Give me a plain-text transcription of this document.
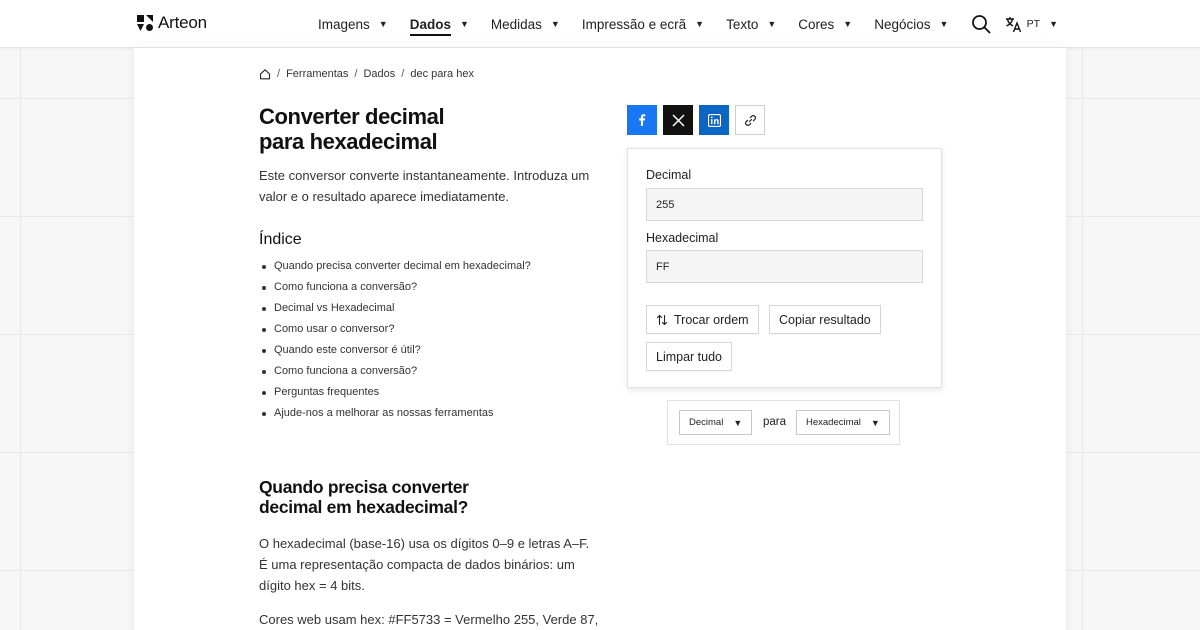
Arteon	Imagens ▼ Dados ▼ Medidas ▼ Impressão e ecrã ▼ Texto ▼ Cores ▼ Negócios ▼	PT ▼
/ Ferramentas / Dados / dec para hex
Converter decimal
para hexadecimal

Este conversor converte instantaneamente. Introduza um valor e o resultado aparece imediatamente.

Índice
Quando precisa converter decimal em hexadecimal?
Como funciona a conversão?
Decimal vs Hexadecimal
Como usar o conversor?
Quando este conversor é útil?
Como funciona a conversão?
Perguntas frequentes
Ajude-nos a melhorar as nossas ferramentas
Quando precisa converter
decimal em hexadecimal?

O hexadecimal (base-16) usa os dígitos 0–9 e letras A–F. É uma representação compacta de dados binários: um dígito hex = 4 bits.

Cores web usam hex: #FF5733 = Vermelho 255, Verde 87,

Decimal
255
Hexadecimal
FF
Trocar ordem	Copiar resultado
Limpar tudo
Decimal ▼ para Hexadecimal ▼
